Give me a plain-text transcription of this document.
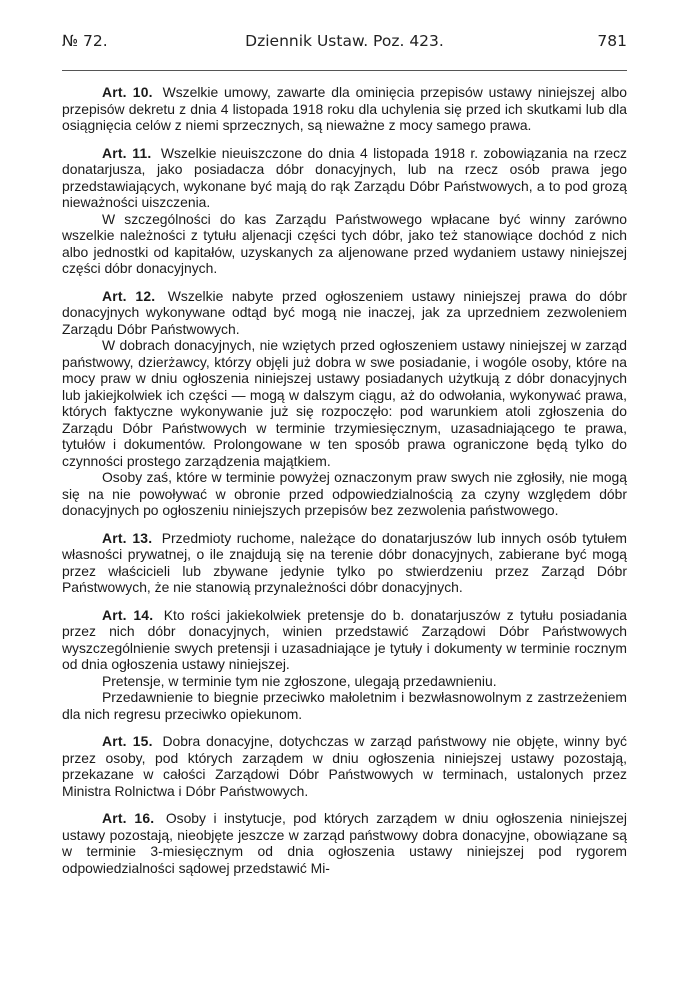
№ 72.	Dziennik Ustaw. Poz. 423.	781

Art. 10. Wszelkie umowy, zawarte dla ominięcia przepisów ustawy niniejszej albo przepisów dekretu z dnia 4 listopada 1918 roku dla uchylenia się przed ich skutkami lub dla osiągnięcia celów z niemi sprzecznych, są nieważne z mocy samego prawa.

Art. 11. Wszelkie nieuiszczone do dnia 4 listopada 1918 r. zobowiązania na rzecz donatarjusza, jako posiadacza dóbr donacyjnych, lub na rzecz osób prawa jego przedstawiających, wykonane być mają do rąk Zarządu Dóbr Państwowych, a to pod grozą nieważności uiszczenia.

W szczególności do kas Zarządu Państwowego wpłacane być winny zarówno wszelkie należności z tytułu aljenacji części tych dóbr, jako też stanowiące dochód z nich albo jednostki od kapitałów, uzyskanych za aljenowane przed wydaniem ustawy niniejszej części dóbr donacyjnych.

Art. 12. Wszelkie nabyte przed ogłoszeniem ustawy niniejszej prawa do dóbr donacyjnych wykonywane odtąd być mogą nie inaczej, jak za uprzedniem zezwoleniem Zarządu Dóbr Państwowych.

W dobrach donacyjnych, nie wziętych przed ogłoszeniem ustawy niniejszej w zarząd państwowy, dzierżawcy, którzy objęli już dobra w swe posiadanie, i wogóle osoby, które na mocy praw w dniu ogłoszenia niniejszej ustawy posiadanych użytkują z dóbr donacyjnych lub jakiejkolwiek ich części — mogą w dalszym ciągu, aż do odwołania, wykonywać prawa, których faktyczne wykonywanie już się rozpoczęło: pod warunkiem atoli zgłoszenia do Zarządu Dóbr Państwowych w terminie trzymiesięcznym, uzasadniającego te prawa, tytułów i dokumentów. Prolongowane w ten sposób prawa ograniczone będą tylko do czynności prostego zarządzenia majątkiem.

Osoby zaś, które w terminie powyżej oznaczonym praw swych nie zgłosiły, nie mogą się na nie powoływać w obronie przed odpowiedzialnością za czyny względem dóbr donacyjnych po ogłoszeniu niniejszych przepisów bez zezwolenia państwowego.

Art. 13. Przedmioty ruchome, należące do donatarjuszów lub innych osób tytułem własności prywatnej, o ile znajdują się na terenie dóbr donacyjnych, zabierane być mogą przez właścicieli lub zbywane jedynie tylko po stwierdzeniu przez Zarząd Dóbr Państwowych, że nie stanowią przynależności dóbr donacyjnych.

Art. 14. Kto rości jakiekolwiek pretensje do b. donatarjuszów z tytułu posiadania przez nich dóbr donacyjnych, winien przedstawić Zarządowi Dóbr Państwowych wyszczególnienie swych pretensji i uzasadniające je tytuły i dokumenty w terminie rocznym od dnia ogłoszenia ustawy niniejszej.

Pretensje, w terminie tym nie zgłoszone, ulegają przedawnieniu.

Przedawnienie to biegnie przeciwko małoletnim i bezwłasnowolnym z zastrzeżeniem dla nich regresu przeciwko opiekunom.

Art. 15. Dobra donacyjne, dotychczas w zarząd państwowy nie objęte, winny być przez osoby, pod których zarządem w dniu ogłoszenia niniejszej ustawy pozostają, przekazane w całości Zarządowi Dóbr Państwowych w terminach, ustalonych przez Ministra Rolnictwa i Dóbr Państwowych.

Art. 16. Osoby i instytucje, pod których zarządem w dniu ogłoszenia niniejszej ustawy pozostają, nieobjęte jeszcze w zarząd państwowy dobra donacyjne, obowiązane są w terminie 3-miesięcznym od dnia ogłoszenia ustawy niniejszej pod rygorem odpowiedzialności sądowej przedstawić Mi-
